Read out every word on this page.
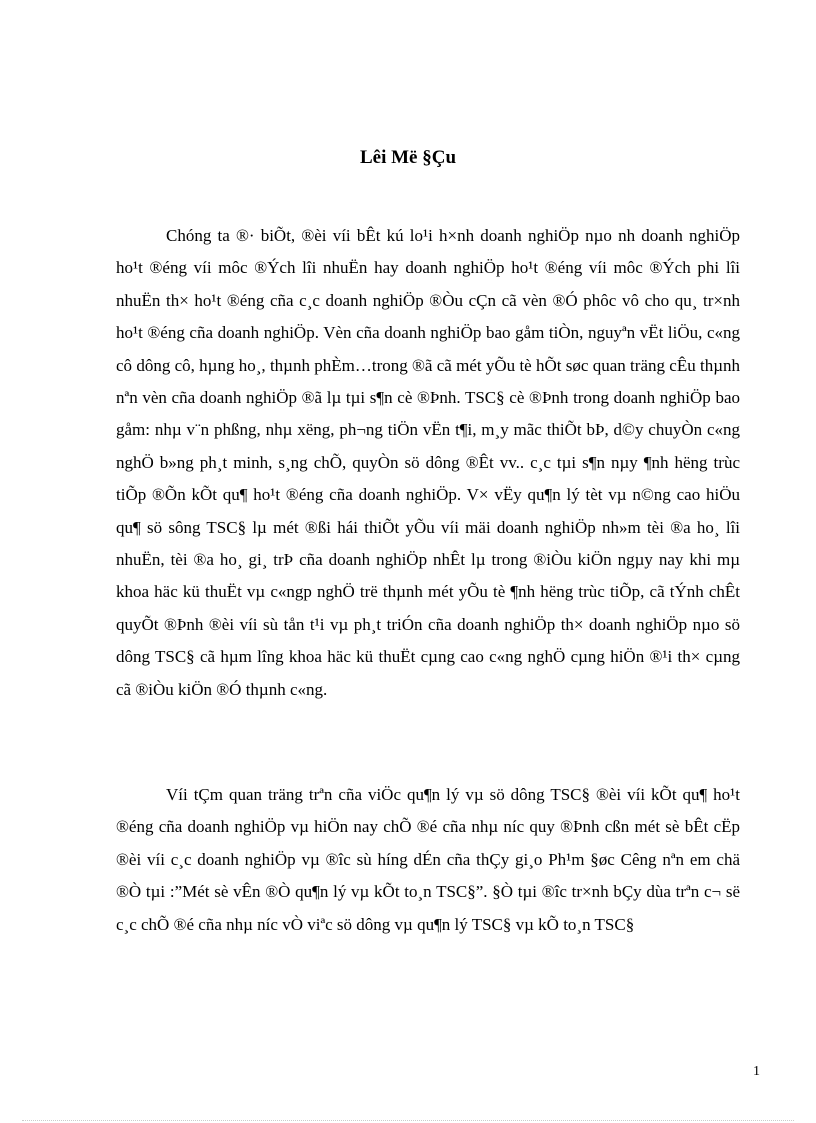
Lêi Më §Çu

Chóng ta ®· biÕt, ®èi víi bÊt kú lo¹i h×nh doanh nghiÖp nµo nh doanh nghiÖp ho¹t ®éng víi môc ®Ých lîi nhuËn hay doanh nghiÖp ho¹t ®éng víi môc ®Ých phi lîi nhuËn th× ho¹t ®éng cña c¸c doanh nghiÖp ®Òu cÇn cã vèn ®Ó phôc vô cho qu¸ tr×nh ho¹t ®éng cña doanh nghiÖp. Vèn cña doanh nghiÖp bao gåm tiÒn, nguyªn vËt liÖu, c«ng cô dông cô, hµng ho¸, thµnh phÈm…trong ®ã cã mét yÕu tè hÕt søc quan träng cÊu thµnh nªn vèn cña doanh nghiÖp ®ã lµ tµi s¶n cè ®Þnh. TSC§ cè ®Þnh trong doanh nghiÖp bao gåm: nhµ v¨n phßng, nhµ xëng, ph¬ng tiÖn vËn t¶i, m¸y mãc thiÕt bÞ, d©y chuyÒn c«ng nghÖ b»ng ph¸t minh, s¸ng chÕ, quyÒn sö dông ®Êt vv.. c¸c tµi s¶n nµy ¶nh hëng trùc tiÕp ®Õn kÕt qu¶ ho¹t ®éng cña doanh nghiÖp. V× vËy qu¶n lý tèt vµ n©ng cao hiÖu qu¶ sö sông TSC§ lµ mét ®ßi hái thiÕt yÕu víi mäi doanh nghiÖp nh»m tèi ®a ho¸ lîi nhuËn, tèi ®a ho¸ gi¸ trÞ cña doanh nghiÖp nhÊt lµ trong ®iÒu kiÖn ngµy nay khi mµ khoa häc kü thuËt vµ c«ngp nghÖ trë thµnh mét yÕu tè ¶nh hëng trùc tiÕp, cã tÝnh chÊt quyÕt ®Þnh ®èi víi sù tån t¹i vµ ph¸t triÓn cña doanh nghiÖp th× doanh nghiÖp nµo sö dông TSC§ cã hµm lîng khoa häc kü thuËt cµng cao c«ng nghÖ cµng hiÖn ®¹i th× cµng cã ®iÒu kiÖn ®Ó thµnh c«ng.

Víi tÇm quan träng trªn cña viÖc qu¶n lý vµ sö dông TSC§ ®èi víi kÕt qu¶ ho¹t ®éng cña doanh nghiÖp vµ hiÖn nay chÕ ®é cña nhµ níc quy ®Þnh cßn mét sè bÊt cËp ®èi víi c¸c doanh nghiÖp vµ ®îc sù híng dÉn cña thÇy gi¸o Ph¹m §øc Cêng nªn em chä ®Ò tµi :”Mét sè vÊn ®Ò qu¶n lý vµ kÕt to¸n TSC§”. §Ò tµi ®îc tr×nh bÇy dùa trªn c¬ së c¸c chÕ ®é cña nhµ níc vÒ viªc sö dông vµ qu¶n lý TSC§ vµ kÕ to¸n TSC§

1
